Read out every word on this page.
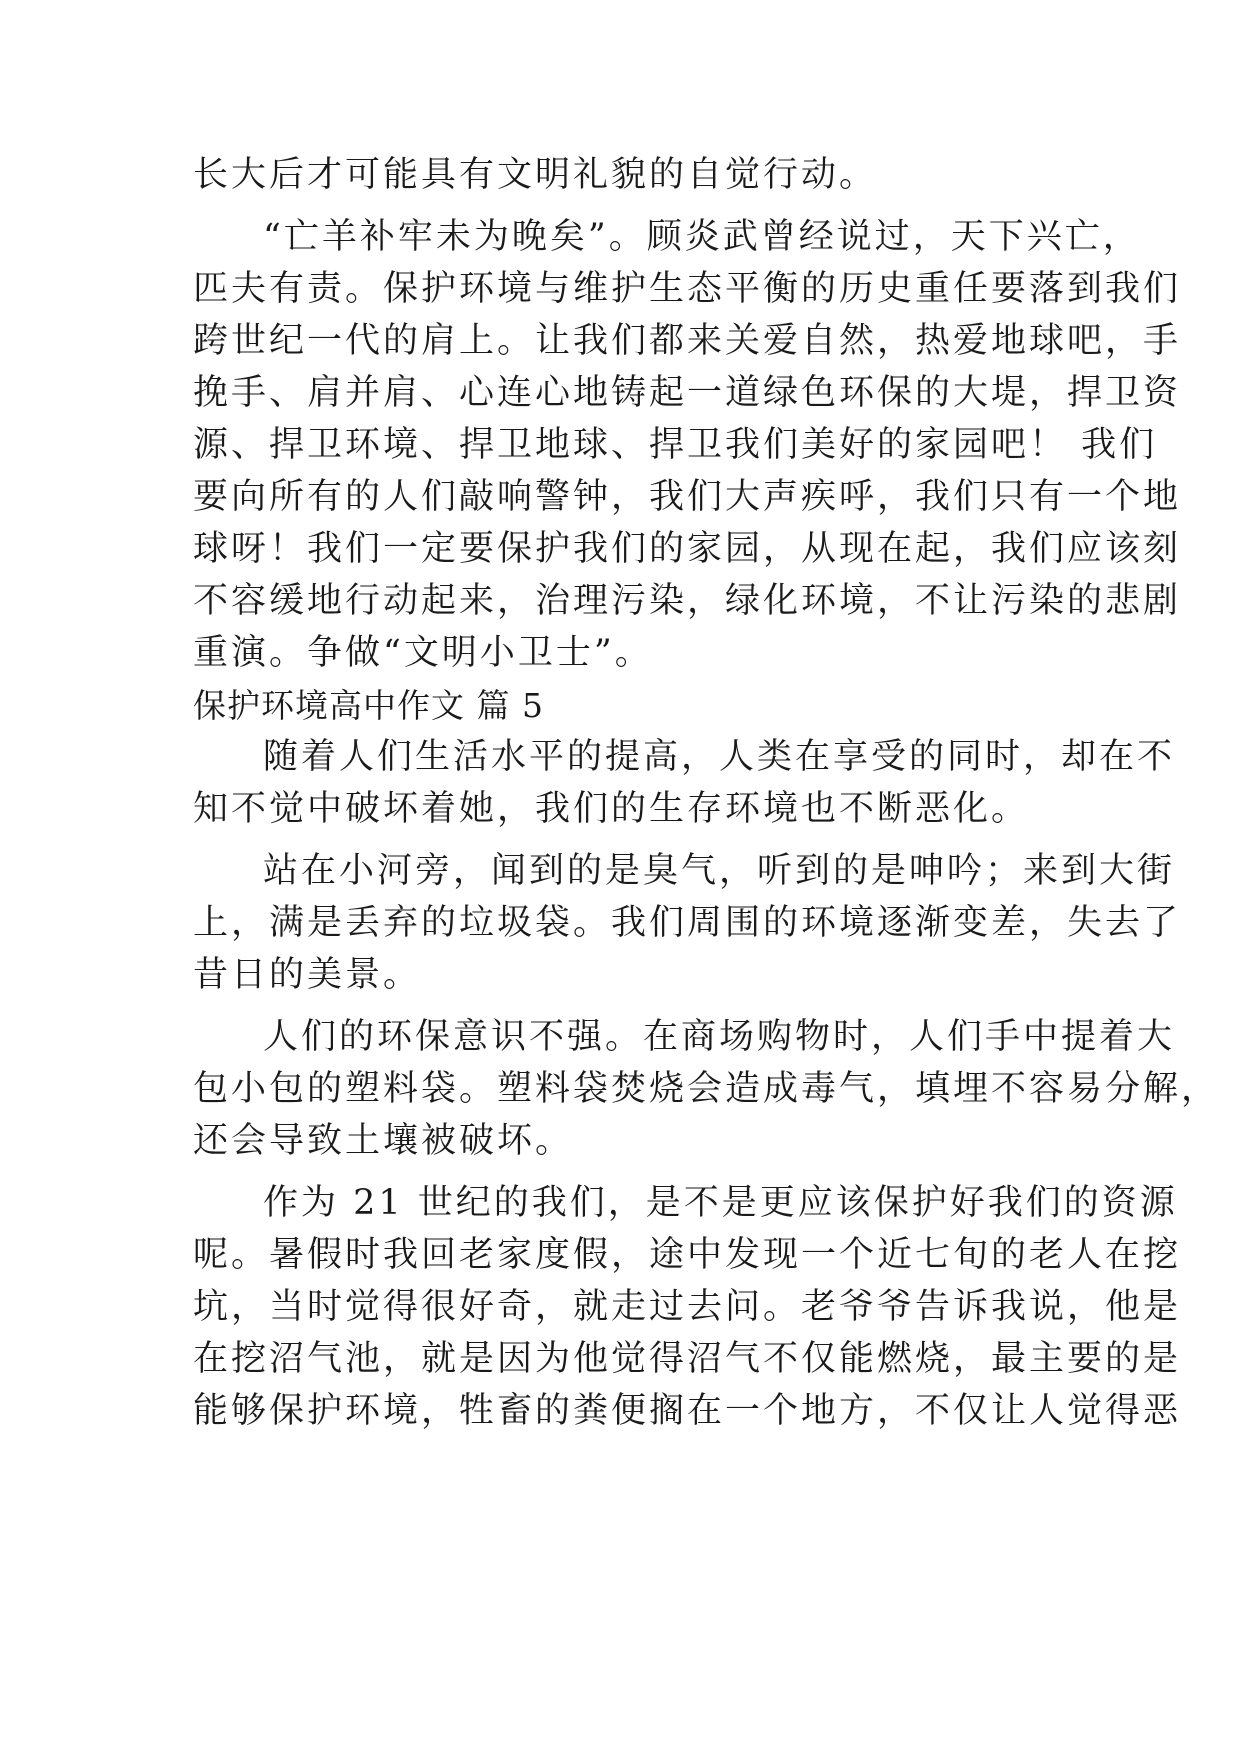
长大后才可能具有文明礼貌的自觉行动。
“亡羊补牢未为晚矣”。顾炎武曾经说过，天下兴亡，
匹夫有责。保护环境与维护生态平衡的历史重任要落到我们
跨世纪一代的肩上。让我们都来关爱自然，热爱地球吧，手
挽手、肩并肩、心连心地铸起一道绿色环保的大堤，捍卫资
源、捍卫环境、捍卫地球、捍卫我们美好的家园吧！ 我们
要向所有的人们敲响警钟，我们大声疾呼，我们只有一个地
球呀！我们一定要保护我们的家园，从现在起，我们应该刻
不容缓地行动起来，治理污染，绿化环境，不让污染的悲剧
重演。争做“文明小卫士”。
保护环境高中作文 篇 5
随着人们生活水平的提高，人类在享受的同时，却在不
知不觉中破坏着她，我们的生存环境也不断恶化。
站在小河旁，闻到的是臭气，听到的是呻吟；来到大街
上，满是丢弃的垃圾袋。我们周围的环境逐渐变差，失去了
昔日的美景。
人们的环保意识不强。在商场购物时，人们手中提着大
包小包的塑料袋。塑料袋焚烧会造成毒气，填埋不容易分解，
还会导致土壤被破坏。
作为 21 世纪的我们，是不是更应该保护好我们的资源
呢。暑假时我回老家度假，途中发现一个近七旬的老人在挖
坑，当时觉得很好奇，就走过去问。老爷爷告诉我说，他是
在挖沼气池，就是因为他觉得沼气不仅能燃烧，最主要的是
能够保护环境，牲畜的粪便搁在一个地方，不仅让人觉得恶
